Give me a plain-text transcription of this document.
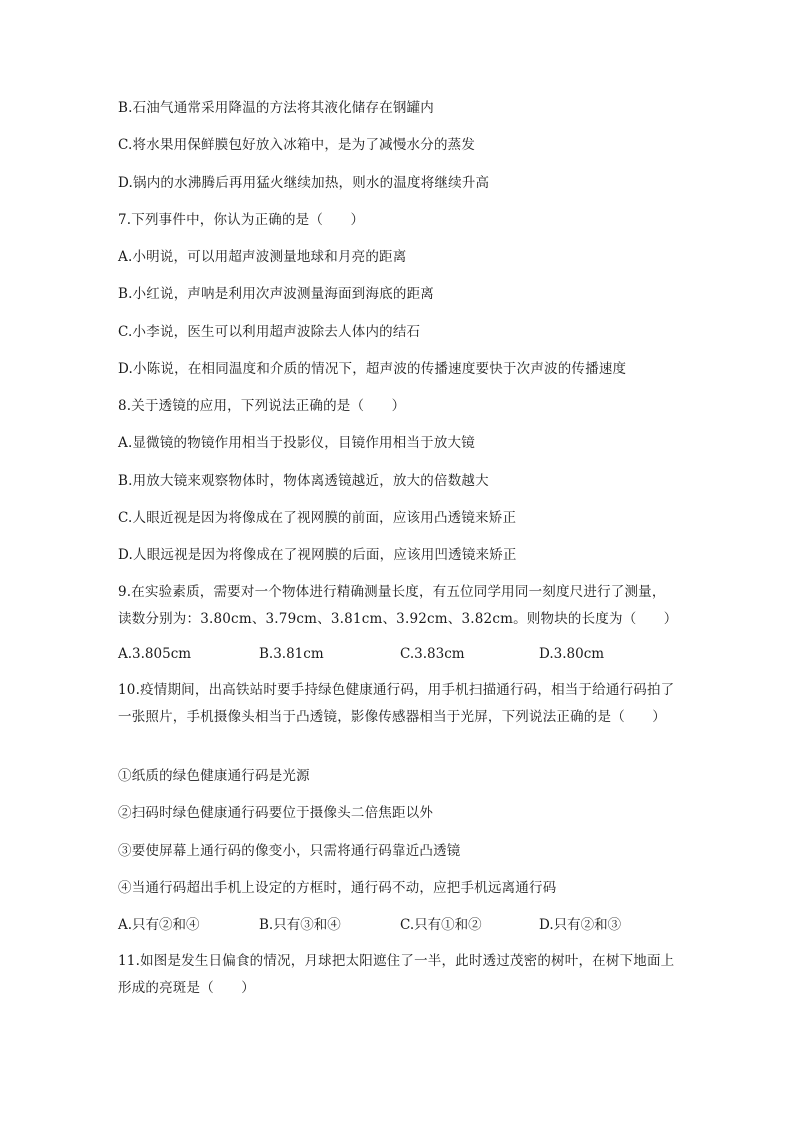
B.石油气通常采用降温的方法将其液化储存在钢罐内
C.将水果用保鲜膜包好放入冰箱中，是为了减慢水分的蒸发
D.锅内的水沸腾后再用猛火继续加热，则水的温度将继续升高
7.下列事件中，你认为正确的是（　　）
A.小明说，可以用超声波测量地球和月亮的距离
B.小红说，声呐是利用次声波测量海面到海底的距离
C.小李说，医生可以利用超声波除去人体内的结石
D.小陈说，在相同温度和介质的情况下，超声波的传播速度要快于次声波的传播速度
8.关于透镜的应用，下列说法正确的是（　　）
A.显微镜的物镜作用相当于投影仪，目镜作用相当于放大镜
B.用放大镜来观察物体时，物体离透镜越近，放大的倍数越大
C.人眼近视是因为将像成在了视网膜的前面，应该用凸透镜来矫正
D.人眼远视是因为将像成在了视网膜的后面，应该用凹透镜来矫正
9.在实验素质，需要对一个物体进行精确测量长度，有五位同学用同一刻度尺进行了测量，读数分别为：3.80cm、3.79cm、3.81cm、3.92cm、3.82cm。则物块的长度为（　　）
A.3.805cm	B.3.81cm	C.3.83cm	D.3.80cm
10.疫情期间，出高铁站时要手持绿色健康通行码，用手机扫描通行码，相当于给通行码拍了一张照片，手机摄像头相当于凸透镜，影像传感器相当于光屏，下列说法正确的是（　　）
①纸质的绿色健康通行码是光源
②扫码时绿色健康通行码要位于摄像头二倍焦距以外
③要使屏幕上通行码的像变小，只需将通行码靠近凸透镜
④当通行码超出手机上设定的方框时，通行码不动，应把手机远离通行码
A.只有②和④	B.只有③和④	C.只有①和②	D.只有②和③
11.如图是发生日偏食的情况，月球把太阳遮住了一半，此时透过茂密的树叶，在树下地面上形成的亮斑是（　　）
